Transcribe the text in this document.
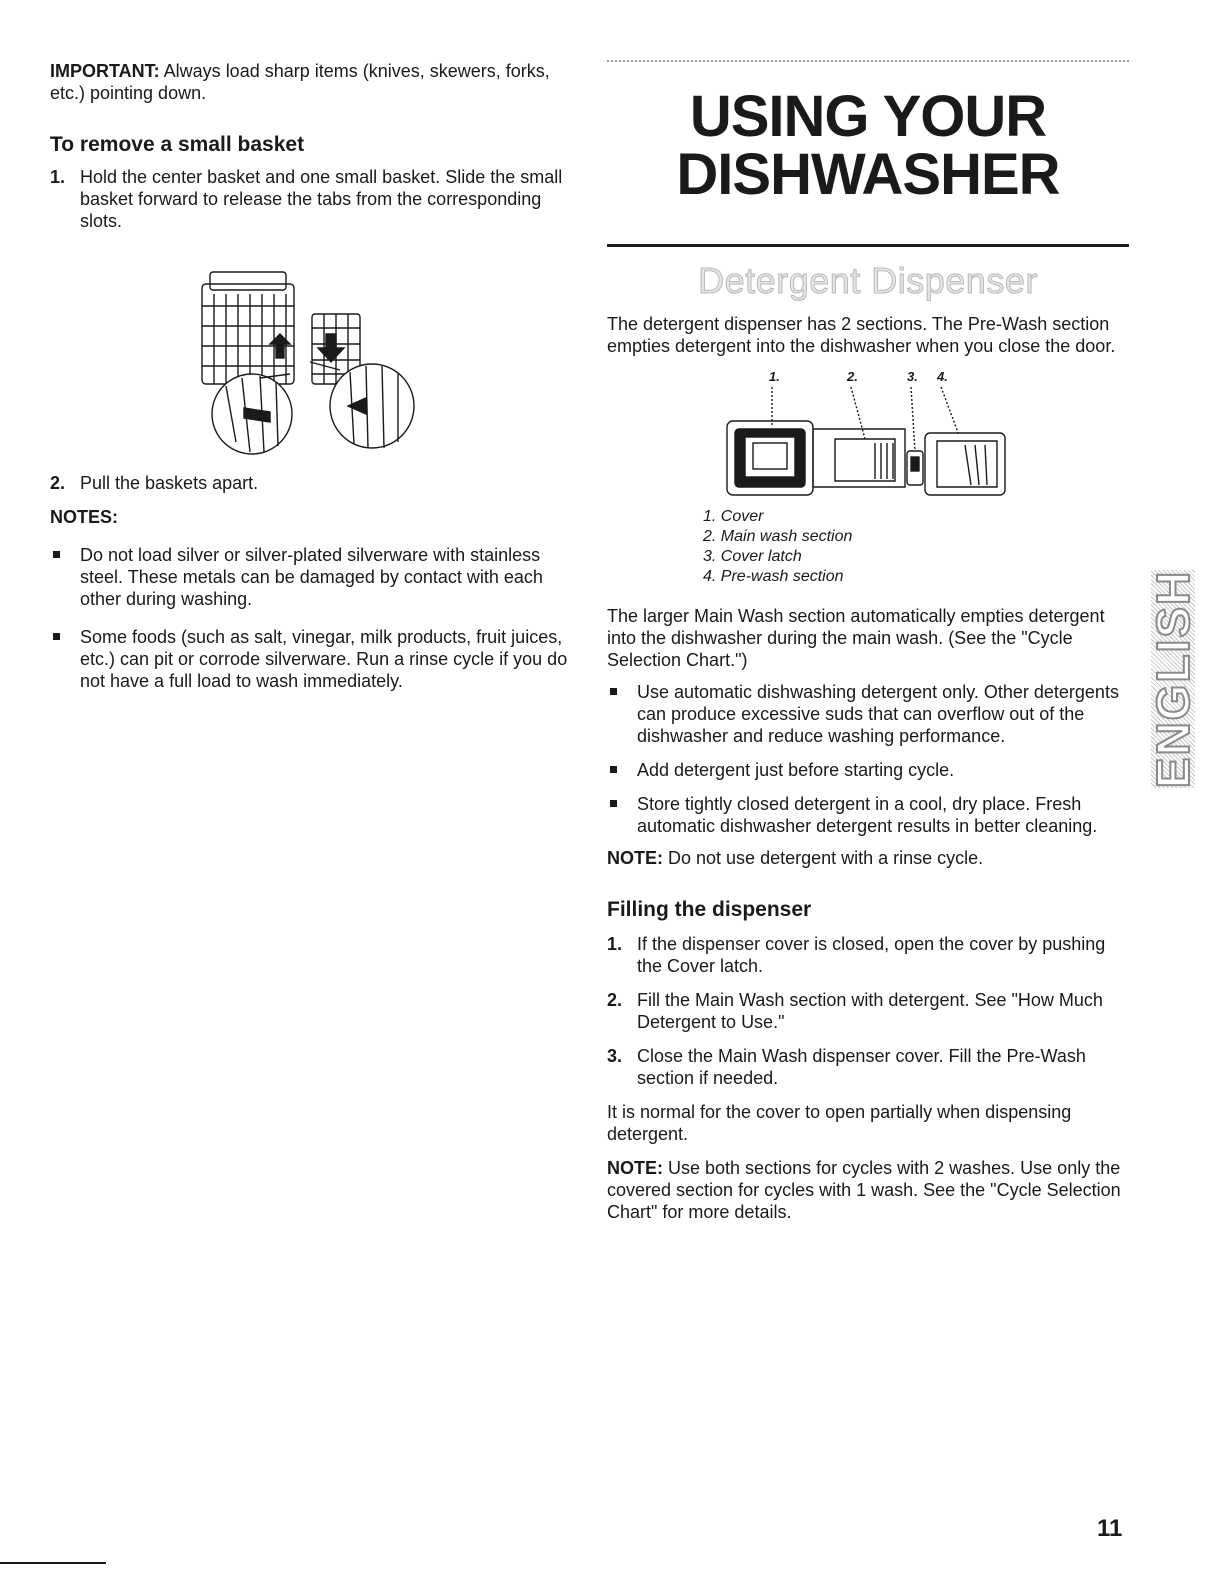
IMPORTANT: Always load sharp items (knives, skewers, forks, etc.) pointing down.

To remove a small basket
1. Hold the center basket and one small basket. Slide the small basket forward to release the tabs from the corresponding slots.
2. Pull the baskets apart.

NOTES:

Do not load silver or silver-plated silverware with stainless steel. These metals can be damaged by contact with each other during washing.
Some foods (such as salt, vinegar, milk products, fruit juices, etc.) can pit or corrode silverware. Run a rinse cycle if you do not have a full load to wash immediately.
USING YOUR
DISHWASHER
Detergent Dispenser

The detergent dispenser has 2 sections. The Pre-Wash section empties detergent into the dishwasher when you close the door.

1.	2.	3. 4.
1. Cover
2. Main wash section
3. Cover latch
4. Pre-wash section

The larger Main Wash section automatically empties detergent into the dishwasher during the main wash. (See the "Cycle Selection Chart.")

Use automatic dishwashing detergent only. Other detergents can produce excessive suds that can overflow out of the dishwasher and reduce washing performance.
Add detergent just before starting cycle.
Store tightly closed detergent in a cool, dry place. Fresh automatic dishwasher detergent results in better cleaning.

NOTE: Do not use detergent with a rinse cycle.

Filling the dispenser
1. If the dispenser cover is closed, open the cover by pushing the Cover latch.
2. Fill the Main Wash section with detergent. See "How Much Detergent to Use."
3. Close the Main Wash dispenser cover. Fill the Pre-Wash section if needed.

It is normal for the cover to open partially when dispensing detergent.

NOTE: Use both sections for cycles with 2 washes. Use only the covered section for cycles with 1 wash. See the "Cycle Selection Chart" for more details.

ENGLISH
11
